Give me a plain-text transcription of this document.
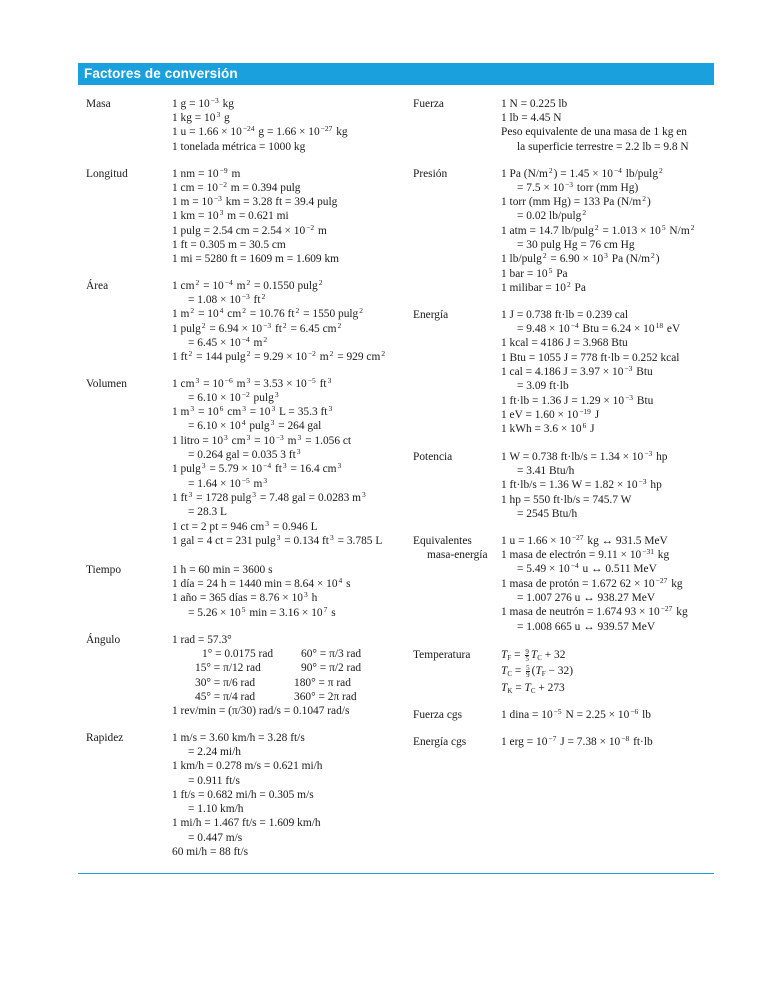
Factores de conversión
Masa	1 $g = 10^{-3}$ kg
1 kg = $10^3$ g
1 $u = 1.66 \times 10^{-24}$ $g = 1.66 \times 10^{-27}$ kg
1 tonelada métrica = 1000 kg
Longitud	1 nm = $10^{-9}$ m
1 cm = $10^{-2}$ m = 0.394 pulg
1 $m = 10^{-3}$ km = 3.28 ft = 39.4 pulg
1 km = $10^3$ m = 0.621 mi
1 pulg = 2.54 cm = $2.54 \times 10^{-2}$ m
1 ft = 0.305 m = 30.5 cm
1 mi = 5280 ft = 1609 m = 1.609 km
Área	1 $cm^2 = 10^{-4}$ $m^2 = 0.1550$ pulg$^2$
= $1.08 \times 10^{-3}$ $ft^2$
1 $m^2 = 10^4$ $cm^2 = 10.76$ $ft^2 = 1550$ pulg$^2$
1 $pulg^2 = 6.94 \times 10^{-3}$ $ft^2 = 6.45$ $cm^2$
= $6.45 \times 10^{-4}$ $m^2$
1 $ft^2 = 144$ $pulg^2 = 9.29 \times 10^{-2}$ $m^2 = 929$ $cm^2$
Volumen	1 $cm^3 = 10^{-6}$ $m^3 = 3.53 \times 10^{-5}$ $ft^3$
= $6.10 \times 10^{-2}$ pulg$^3$
1 $m^3 = 10^6$ $cm^3 = 10^3$ L = 35.3 $ft^3$
= $6.10 \times 10^4$ pulg$^3$ = 264 gal
1 litro = $10^3$ $cm^3 = 10^{-3}$ $m^3 = 1.056$ ct
= 0.264 gal = 0.035 3 $ft^3$
1 $pulg^3 = 5.79 \times 10^{-4}$ $ft^3 = 16.4$ $cm^3$
= $1.64 \times 10^{-5}$ $m^3$
1 $ft^3 = 1728$ pulg$^3$ = 7.48 gal = 0.0283 $m^3$
= 28.3 L
1 ct = 2 pt = 946 $cm^3 = 0.946$ L
1 gal = 4 ct = 231 pulg$^3$ = 0.134 $ft^3 = 3.785$ L
Tiempo	1 h = 60 min = 3600 s
1 día = 24 h = 1440 $\min = 8.64 \times 10^4$ s
1 año = 365 días = $8.76 \times 10^3$ h
= $5.26 \times 10^5$ $\min = 3.16 \times 10^7$ s
Ángulo	1 rad = 57.3°
1° = 0.0175 rad 60° = π/3 rad
15° = π/12 rad	90° = π/2 rad
30° = π/6 rad	180° = π rad
45° = π/4 rad	360° = 2π rad
1 rev/min = (π/30) rad/s = 0.1047 rad/s
Rapidez	1 m/s = 3.60 km/h = 3.28 ft/s
= 2.24 mi/h
1 km/h = 0.278 m/s = 0.621 mi/h
= 0.911 ft/s
1 ft/s = 0.682 mi/h = 0.305 m/s
= 1.10 km/h
1 mi/h = 1.467 ft/s = 1.609 km/h
= 0.447 m/s
60 mi/h = 88 ft/s
Fuerza	1 N = 0.225 lb
1 lb = 4.45 N
Peso equivalente de una masa de 1 kg en
la superficie terrestre = 2.2 lb = 9.8 N
Presión	1 Pa $(N/m^2) = 1.45 \times 10^{-4}$ lb/pulg$^2$
= $7.5 \times 10^{-3}$ torr (mm Hg)
1 torr (mm Hg) = 133 Pa $(N/m^2)$
= 0.02 lb/pulg$^2$
1 atm = 14.7 $lb/pulg^2 = 1.013 \times 10^5$ $N/m^2$
= 30 pulg Hg = 76 cm Hg
1 $lb/pulg^2 = 6.90 \times 10^3$ Pa $(N/m^2)$
1 bar = $10^5$ Pa
1 milibar = $10^2$ Pa
Energía	1 J = 0.738 ft·lb = 0.239 cal
= $9.48 \times 10^{-4}$ Btu = $6.24 \times 10^{18}$ eV
1 kcal = 4186 J = 3.968 Btu
1 Btu = 1055 J = 778 ft·lb = 0.252 kcal
1 cal = 4.186 $J = 3.97 \times 10^{-3}$ Btu
= 3.09 ft·lb
1 ft·lb = 1.36 $J = 1.29 \times 10^{-3}$ Btu
1 eV = $1.60 \times 10^{-19}$ J
1 kWh = $3.6 \times 10^6$ J
Potencia	1 W = 0.738 $ft\cdot lb/s = 1.34 \times 10^{-3}$ hp
= 3.41 Btu/h
1 ft·lb/s = 1.36 $W = 1.82 \times 10^{-3}$ hp
1 hp = 550 ft·lb/s = 745.7 W
= 2545 Btu/h
Equivalentes
masa-energía
1 $u = 1.66 \times 10^{-27}$ kg ↔ 931.5 MeV
1 masa de electrón = $9.11 \times 10^{-31}$ kg
= $5.49 \times 10^{-4}$ u ↔ 0.511 MeV
1 masa de protón = 1.672 $62 \times 10^{-27}$ kg
= 1.007 276 u ↔ 938.27 MeV
1 masa de neutrón = 1.674 $93 \times 10^{-27}$ kg
= 1.008 665 u ↔ 939.57 MeV
Temperatura	$T_F = \frac{9}{5} T_C + 32$
$T_C = \frac{5}{9} (T_F - 32)$
$T_K = T_C + 273$
Fuerza cgs	1 dina = $10^{-5}$ $N = 2.25 \times 10^{-6}$ lb
Energía cgs	1 erg = $10^{-7}$ $J = 7.38 \times 10^{-8}$ ft·lb
